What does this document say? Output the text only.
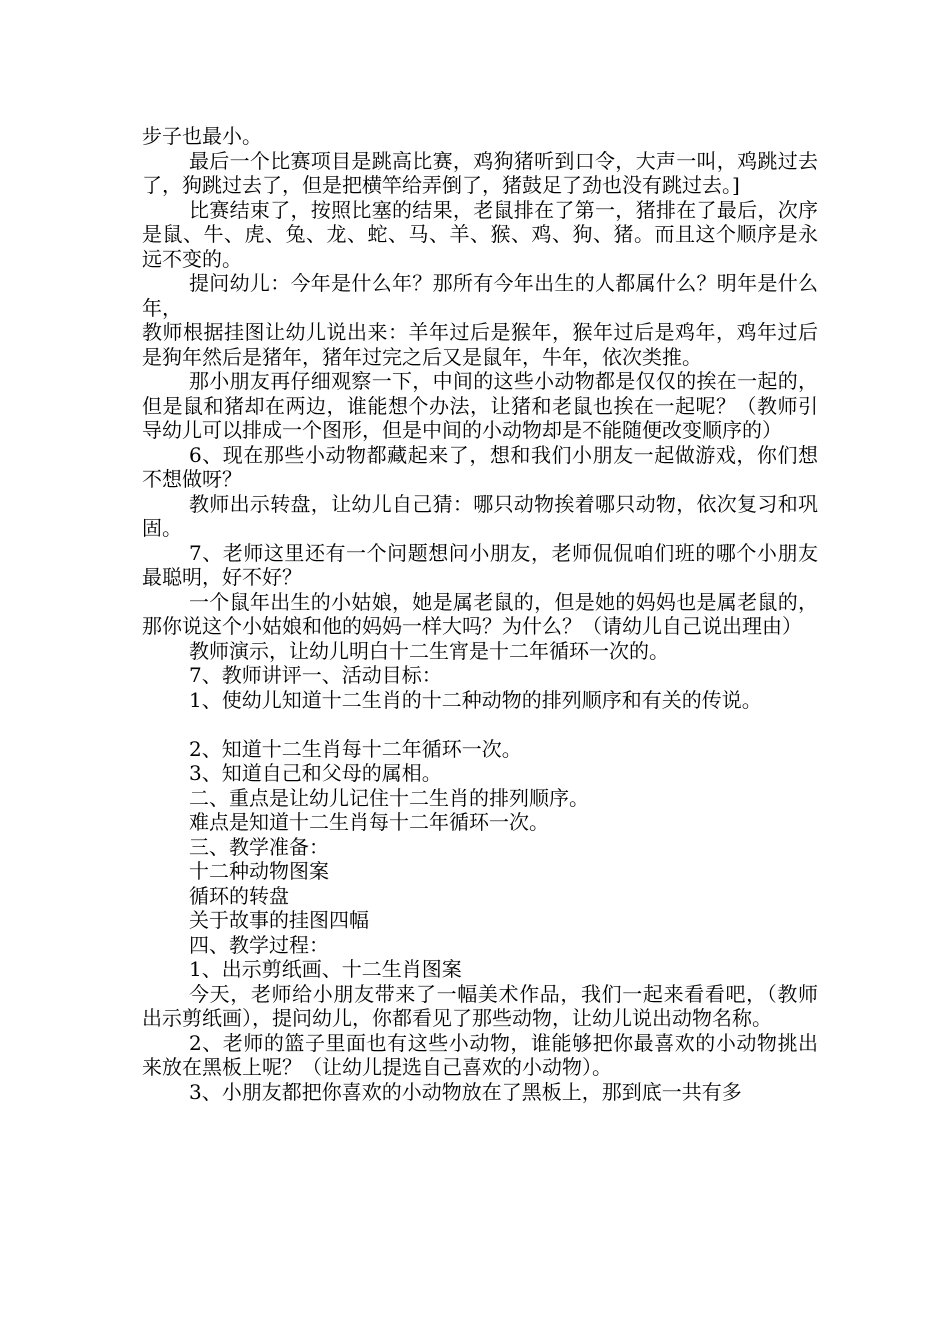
步子也最小。

最后一个比赛项目是跳高比赛，鸡狗猪听到口令，大声一叫，鸡跳过去了，狗跳过去了，但是把横竿给弄倒了，猪鼓足了劲也没有跳过去。]

比赛结束了，按照比塞的结果，老鼠排在了第一，猪排在了最后，次序是鼠、牛、虎、兔、龙、蛇、马、羊、猴、鸡、狗、猪。而且这个顺序是永远不变的。

提问幼儿：今年是什么年？那所有今年出生的人都属什么？明年是什么年，

教师根据挂图让幼儿说出来：羊年过后是猴年，猴年过后是鸡年，鸡年过后是狗年然后是猪年，猪年过完之后又是鼠年，牛年，依次类推。

那小朋友再仔细观察一下，中间的这些小动物都是仅仅的挨在一起的，但是鼠和猪却在两边，谁能想个办法，让猪和老鼠也挨在一起呢？（教师引导幼儿可以排成一个图形，但是中间的小动物却是不能随便改变顺序的）

6、现在那些小动物都藏起来了，想和我们小朋友一起做游戏，你们想不想做呀？

教师出示转盘，让幼儿自己猜：哪只动物挨着哪只动物，依次复习和巩固。

7、老师这里还有一个问题想问小朋友，老师侃侃咱们班的哪个小朋友最聪明，好不好？

一个鼠年出生的小姑娘，她是属老鼠的，但是她的妈妈也是属老鼠的，那你说这个小姑娘和他的妈妈一样大吗？为什么？（请幼儿自己说出理由）

教师演示，让幼儿明白十二生宵是十二年循环一次的。

7、教师讲评一、活动目标：

1、使幼儿知道十二生肖的十二种动物的排列顺序和有关的传说。

2、知道十二生肖每十二年循环一次。

3、知道自己和父母的属相。

二、重点是让幼儿记住十二生肖的排列顺序。

难点是知道十二生肖每十二年循环一次。

三、教学准备：

十二种动物图案

循环的转盘

关于故事的挂图四幅

四、教学过程：

1、出示剪纸画、十二生肖图案

今天，老师给小朋友带来了一幅美术作品，我们一起来看看吧，（教师出示剪纸画），提问幼儿，你都看见了那些动物，让幼儿说出动物名称。

2、老师的篮子里面也有这些小动物，谁能够把你最喜欢的小动物挑出来放在黑板上呢？（让幼儿提选自己喜欢的小动物）。

3、小朋友都把你喜欢的小动物放在了黑板上，那到底一共有多
